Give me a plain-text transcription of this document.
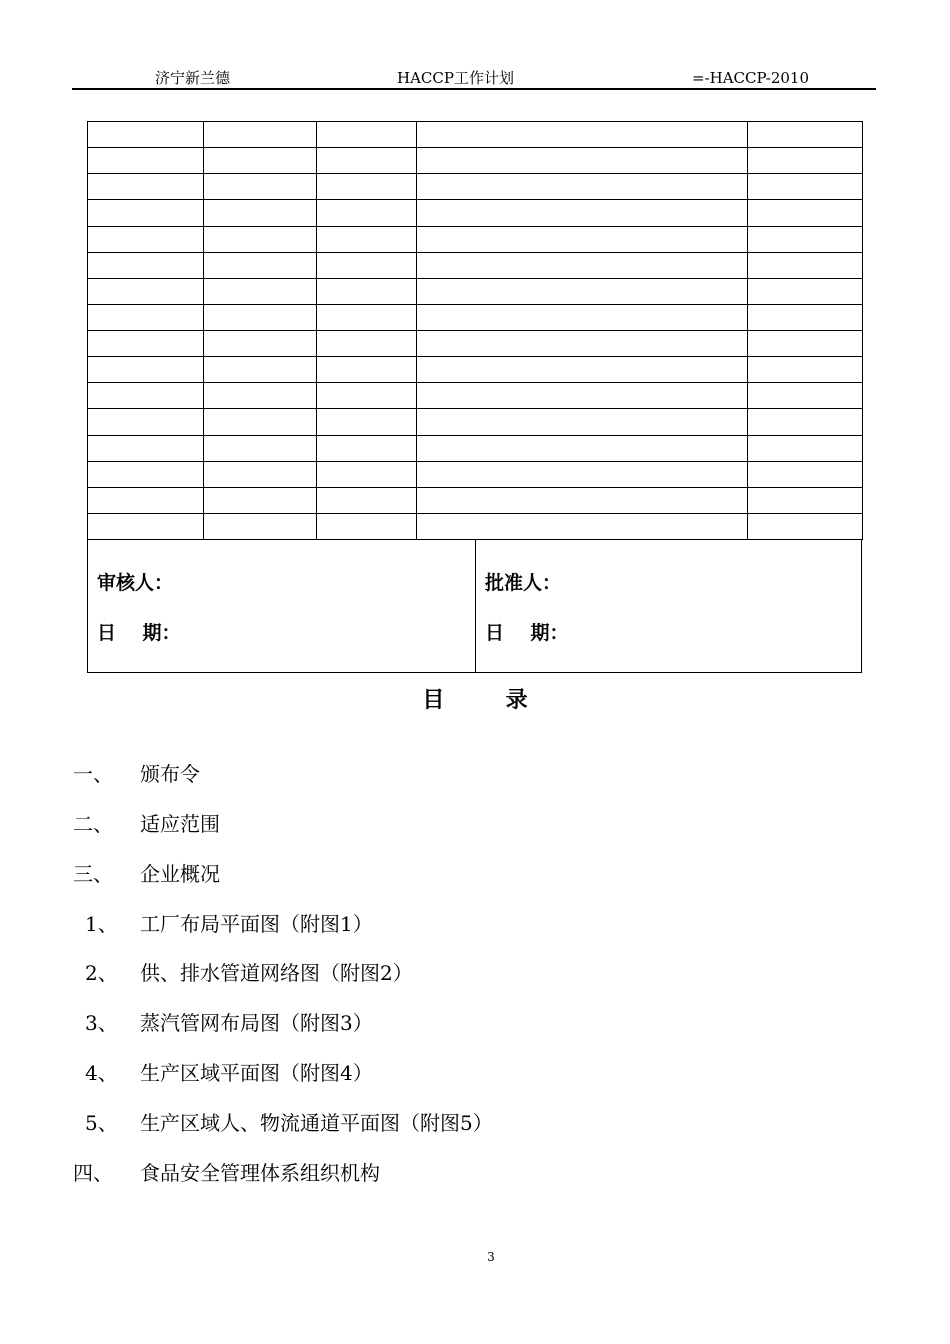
济宁新兰德	HACCP工作计划	=-HACCP-2010

审核人：
日    期：
批准人：
日    期：
目        录
一、 颁布令
二、 适应范围
三、 企业概况
1、 工厂布局平面图（附图1）
2、 供、排水管道网络图（附图2）
3、 蒸汽管网布局图（附图3）
4、 生产区域平面图（附图4）
5、 生产区域人、物流通道平面图（附图5）
四、 食品安全管理体系组织机构
3
